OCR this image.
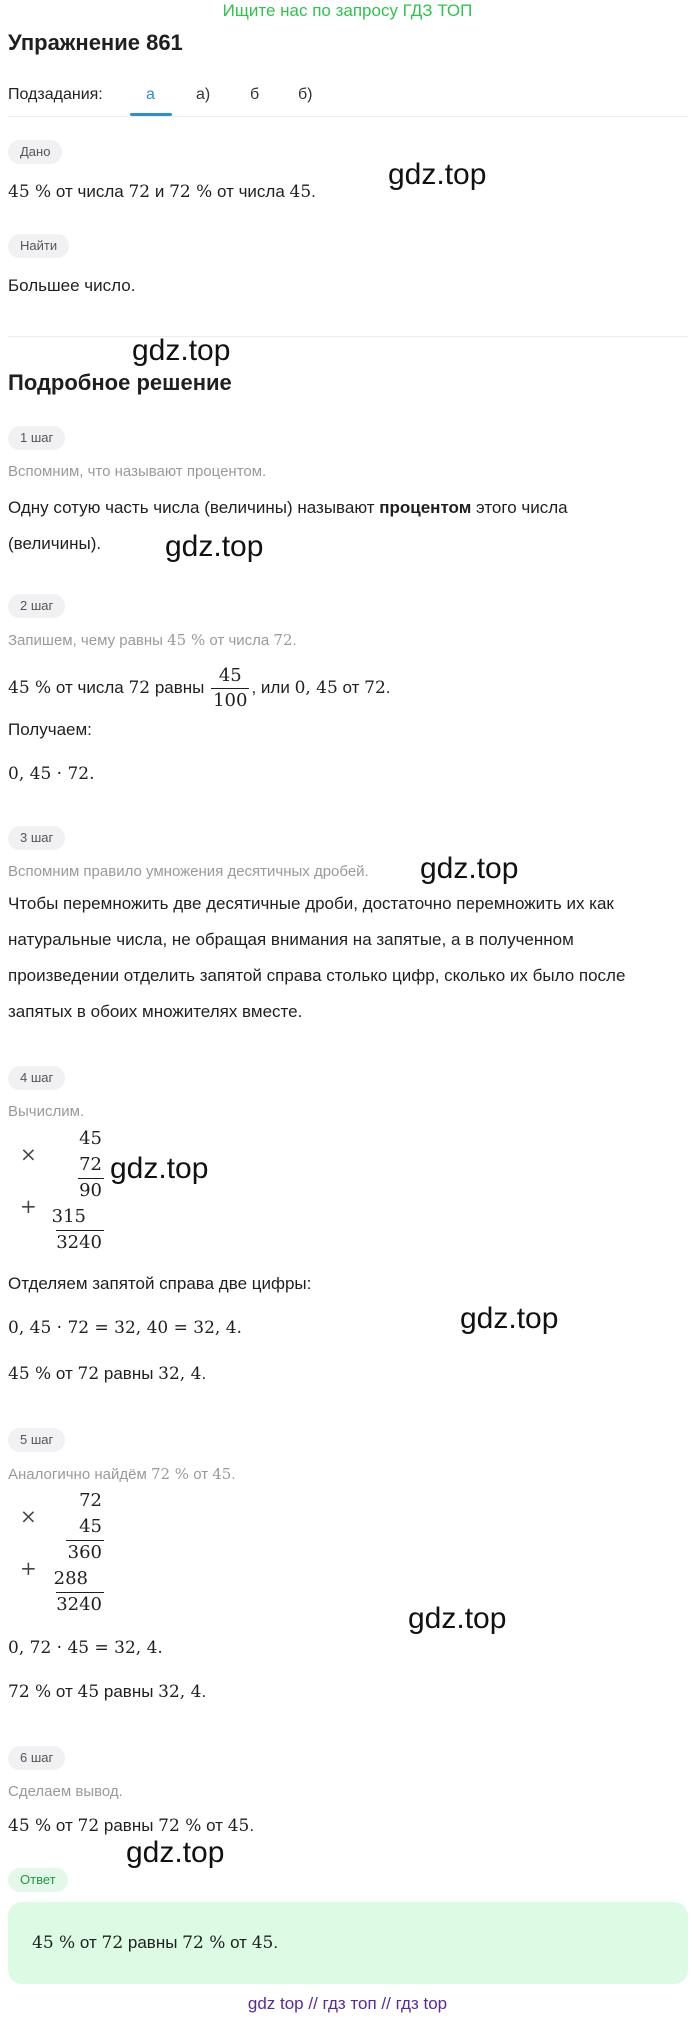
Ищите нас по запросу ГДЗ ТОП
Упражнение 861
Подзадания:	а	а) б б)
Дано
45 % от числа 72 и 72 % от числа 45.
Найти
Большее число.
Подробное решение
1 шаг
Вспомним, что называют процентом.
Одну сотую часть числа (величины) называют процентом этого числа
(величины).
2 шаг
Запишем, чему равны 45 % от числа 72.
45 % от числа 72 равны $\frac{45}{100}$ , или 0, 45 от 72.
Получаем:
0, 45 · 72.
3 шаг
Вспомним правило умножения десятичных дробей.
Чтобы перемножить две десятичные дроби, достаточно перемножить их как
натуральные числа, не обращая внимания на запятые, а в полученном
произведении отделить запятой справа столько цифр, сколько их было после
запятых в обоих множителях вместе.
4 шаг
Вычислим.
×
+
45
72
90
315
3240
Отделяем запятой справа две цифры:
0, 45 · 72 = 32, 40 = 32, 4.
45 % от 72 равны 32, 4.
5 шаг
Аналогично найдём 72 % от 45.
×
+
72
45
360
288
3240
0, 72 · 45 = 32, 4.
72 % от 45 равны 32, 4.
6 шаг
Сделаем вывод.
45 % от 72 равны 72 % от 45.
Ответ
45 % от 72 равны 72 % от 45.
gdz.top
gdz.top
gdz.top
gdz.top
gdz.top
gdz.top
gdz.top
gdz.top
gdz top // гдз топ // гдз top
